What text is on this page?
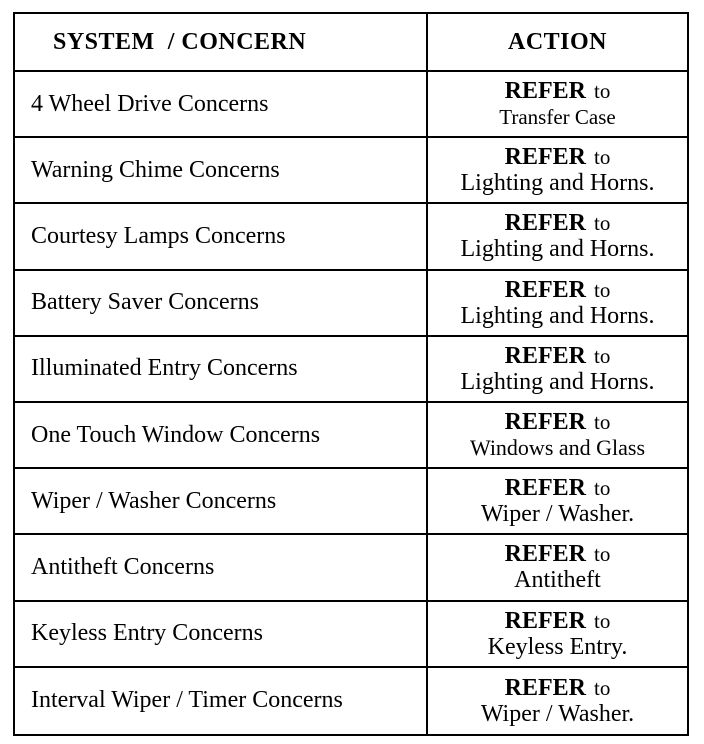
SYSTEM  / CONCERN	ACTION
4 Wheel Drive Concerns	REFER to
Transfer Case
Warning Chime Concerns	REFER to
Lighting and Horns.
Courtesy Lamps Concerns	REFER to
Lighting and Horns.
Battery Saver Concerns	REFER to
Lighting and Horns.
Illuminated Entry Concerns	REFER to
Lighting and Horns.
One Touch Window Concerns	REFER to
Windows and Glass
Wiper / Washer Concerns	REFER to
Wiper / Washer.
Antitheft Concerns	REFER to
Antitheft
Keyless Entry Concerns	REFER to
Keyless Entry.
Interval Wiper / Timer Concerns	REFER to
Wiper / Washer.
